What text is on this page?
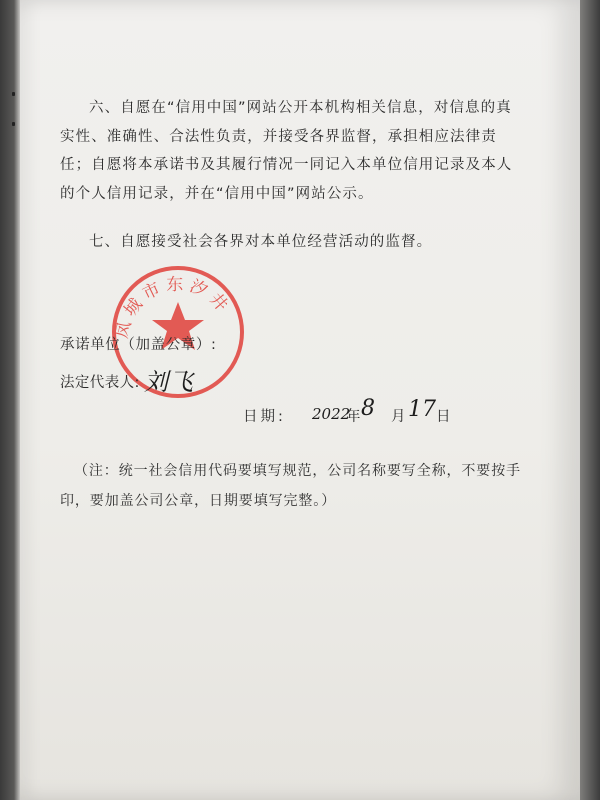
六、自愿在“信用中国”网站公开本机构相关信息，对信息的真实性、准确性、合法性负责，并接受各界监督，承担相应法律责任；自愿将本承诺书及其履行情况一同记入本单位信用记录及本人的个人信用记录，并在“信用中国”网站公示。
七、自愿接受社会各界对本单位经营活动的监督。
凤城市东汐井
承诺单位（加盖公章）:
法定代表人: 刘飞
日期: 2022
年 8 月 17 日
（注：统一社会信用代码要填写规范，公司名称要写全称，不要按手印，要加盖公司公章，日期要填写完整。）
